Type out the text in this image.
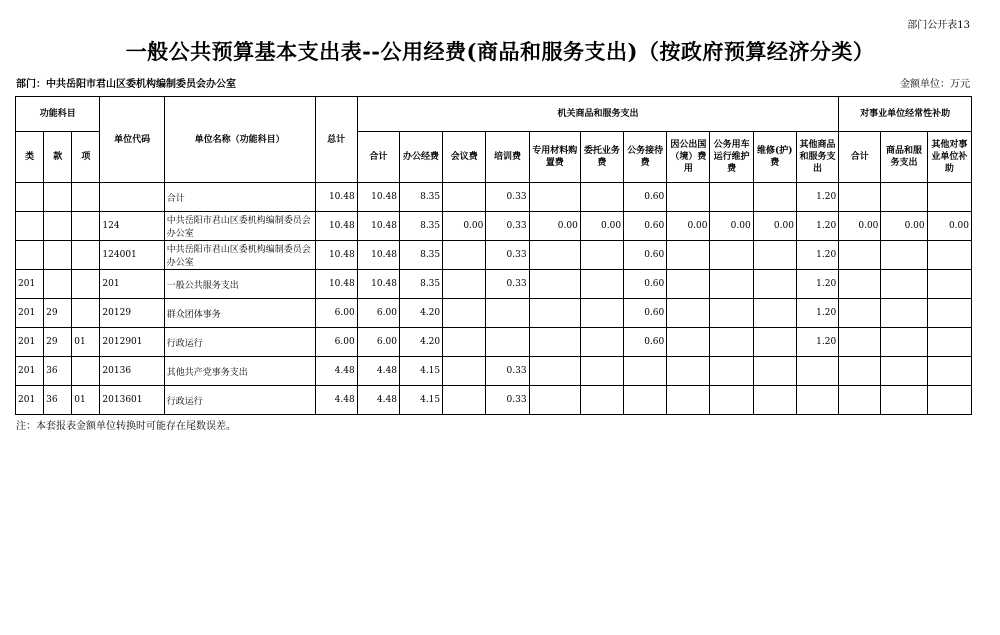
部门公开表13
一般公共预算基本支出表--公用经费(商品和服务支出)（按政府预算经济分类）
部门：中共岳阳市君山区委机构编制委员会办公室	金额单位：万元
功能科目			单位代码	单位名称（功能科目）	总计	机关商品和服务支出											对事业单位经常性补助		
类	款	项				合计	办公经费	会议费	培训费	专用材料购置费	委托业务费	公务接待费	因公出国（境）费用	公务用车运行维护费	维修(护)费	其他商品和服务支出	合计	商品和服务支出	其他对事业单位补助
				合计	10.48	10.48	8.35		0.33			0.60				1.20			
			124	中共岳阳市君山区委机构编制委员会办公室	10.48	10.48	8.35	0.00	0.33	0.00	0.00	0.60	0.00	0.00	0.00	1.20	0.00	0.00	0.00
			124001	中共岳阳市君山区委机构编制委员会办公室	10.48	10.48	8.35		0.33			0.60				1.20			
201			201	一般公共服务支出	10.48	10.48	8.35		0.33			0.60				1.20			
201	29		20129	群众团体事务	6.00	6.00	4.20					0.60				1.20			
201	29	01	2012901	行政运行	6.00	6.00	4.20					0.60				1.20			
201	36		20136	其他共产党事务支出	4.48	4.48	4.15		0.33										
201	36	01	2013601	行政运行	4.48	4.48	4.15		0.33										
注：本套报表金额单位转换时可能存在尾数误差。
